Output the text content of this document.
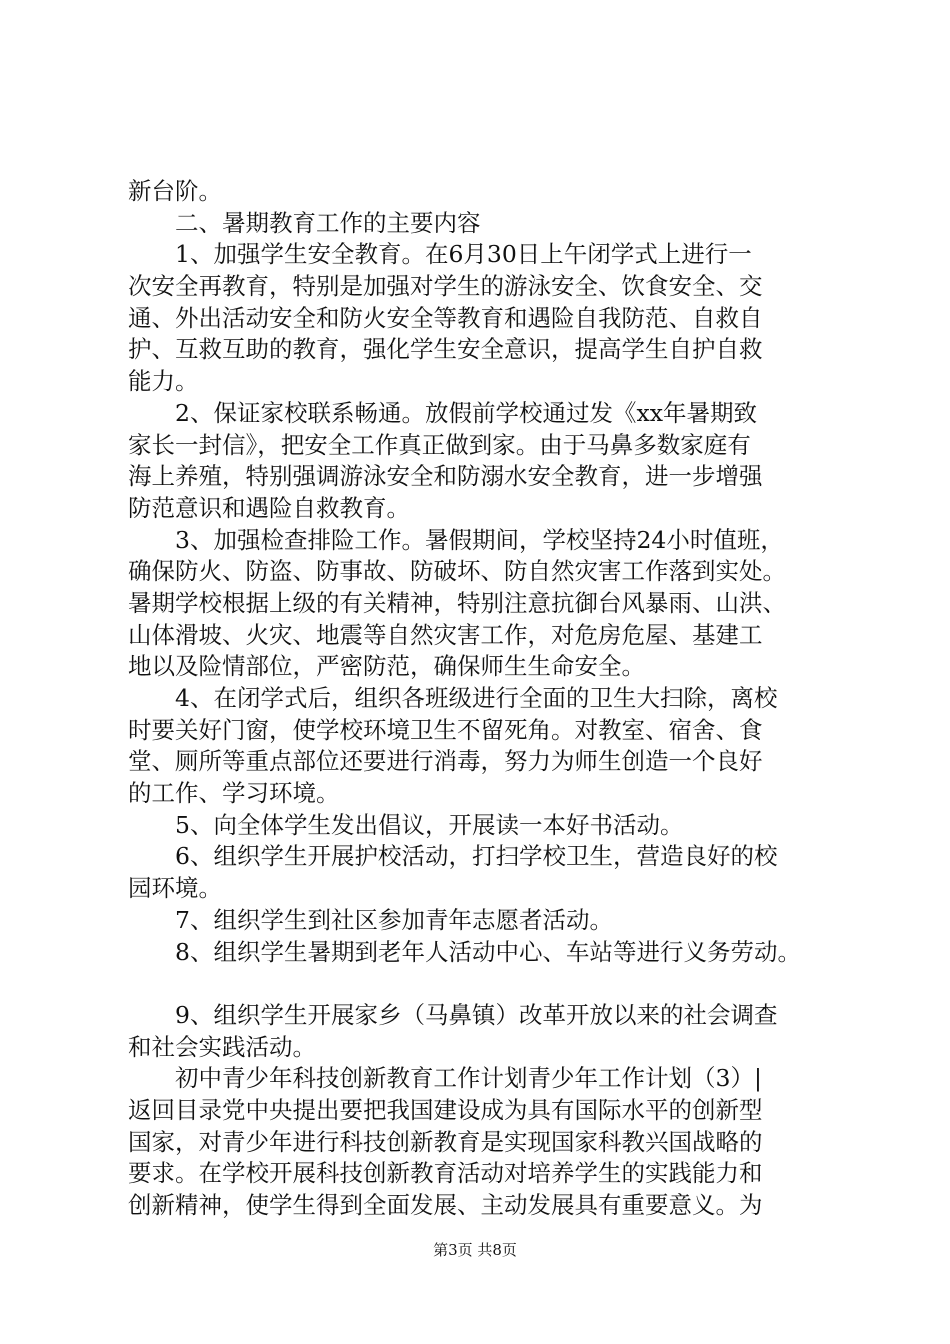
新台阶。
二、暑期教育工作的主要内容
1、加强学生安全教育。在6月30日上午闭学式上进行一
次安全再教育，特别是加强对学生的游泳安全、饮食安全、交
通、外出活动安全和防火安全等教育和遇险自我防范、自救自
护、互救互助的教育，强化学生安全意识，提高学生自护自救
能力。
2、保证家校联系畅通。放假前学校通过发《xx年暑期致
家长一封信》，把安全工作真正做到家。由于马鼻多数家庭有
海上养殖，特别强调游泳安全和防溺水安全教育，进一步增强
防范意识和遇险自救教育。
3、加强检查排险工作。暑假期间，学校坚持24小时值班，
确保防火、防盗、防事故、防破坏、防自然灾害工作落到实处。
暑期学校根据上级的有关精神，特别注意抗御台风暴雨、山洪、
山体滑坡、火灾、地震等自然灾害工作，对危房危屋、基建工
地以及险情部位，严密防范，确保师生生命安全。
4、在闭学式后，组织各班级进行全面的卫生大扫除，离校
时要关好门窗，使学校环境卫生不留死角。对教室、宿舍、食
堂、厕所等重点部位还要进行消毒，努力为师生创造一个良好
的工作、学习环境。
5、向全体学生发出倡议，开展读一本好书活动。
6、组织学生开展护校活动，打扫学校卫生，营造良好的校
园环境。
7、组织学生到社区参加青年志愿者活动。
8、组织学生暑期到老年人活动中心、车站等进行义务劳动。
9、组织学生开展家乡（马鼻镇）改革开放以来的社会调查
和社会实践活动。
初中青少年科技创新教育工作计划青少年工作计划（3）|
返回目录党中央提出要把我国建设成为具有国际水平的创新型
国家，对青少年进行科技创新教育是实现国家科教兴国战略的
要求。在学校开展科技创新教育活动对培养学生的实践能力和
创新精神，使学生得到全面发展、主动发展具有重要意义。为
第3页 共8页
